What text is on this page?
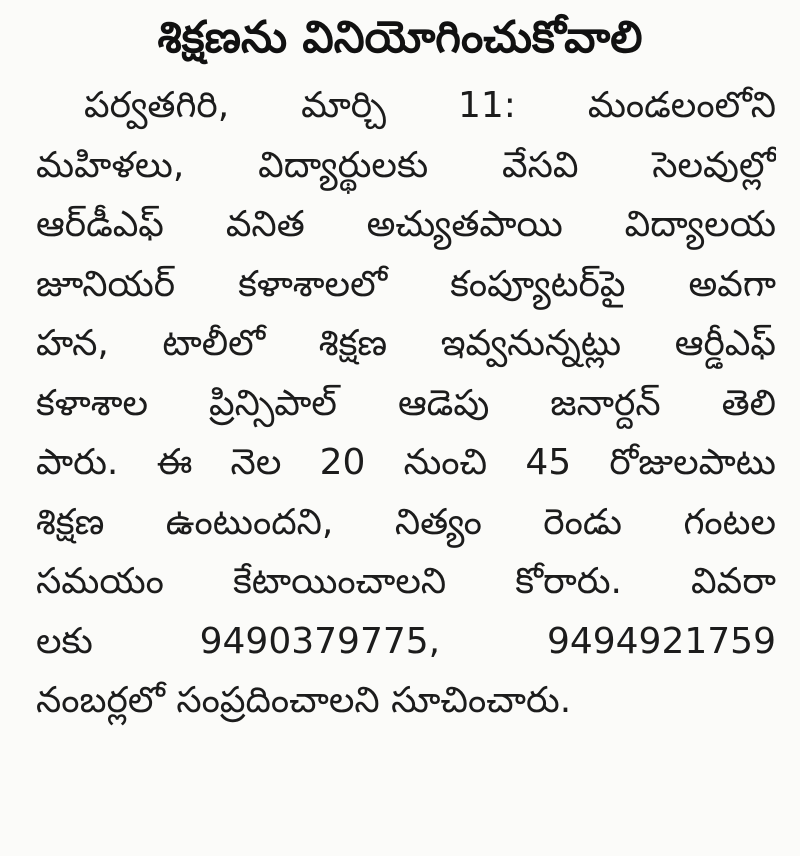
శిక్షణను వినియోగించుకోవాలి
పర్వతగిరి, మార్చి 11: మండలంలోని
మహిళలు, విద్యార్థులకు వేసవి సెలవుల్లో
ఆర్‌డీఎఫ్ వనిత అచ్యుతపాయి విద్యాలయ
జూనియర్ కళాశాలలో కంప్యూటర్‌పై అవగా
హన, టాలీలో శిక్షణ ఇవ్వనున్నట్లు ఆర్డీఎఫ్
కళాశాల ప్రిన్సిపాల్ ఆడెపు జనార్దన్ తెలి
పారు. ఈ నెల 20 నుంచి 45 రోజులపాటు
శిక్షణ ఉంటుందని, నిత్యం రెండు గంటల
సమయం కేటాయించాలని కోరారు. వివరా
లకు 9490379775, 9494921759
నంబర్లలో సంప్రదించాలని సూచించారు.
